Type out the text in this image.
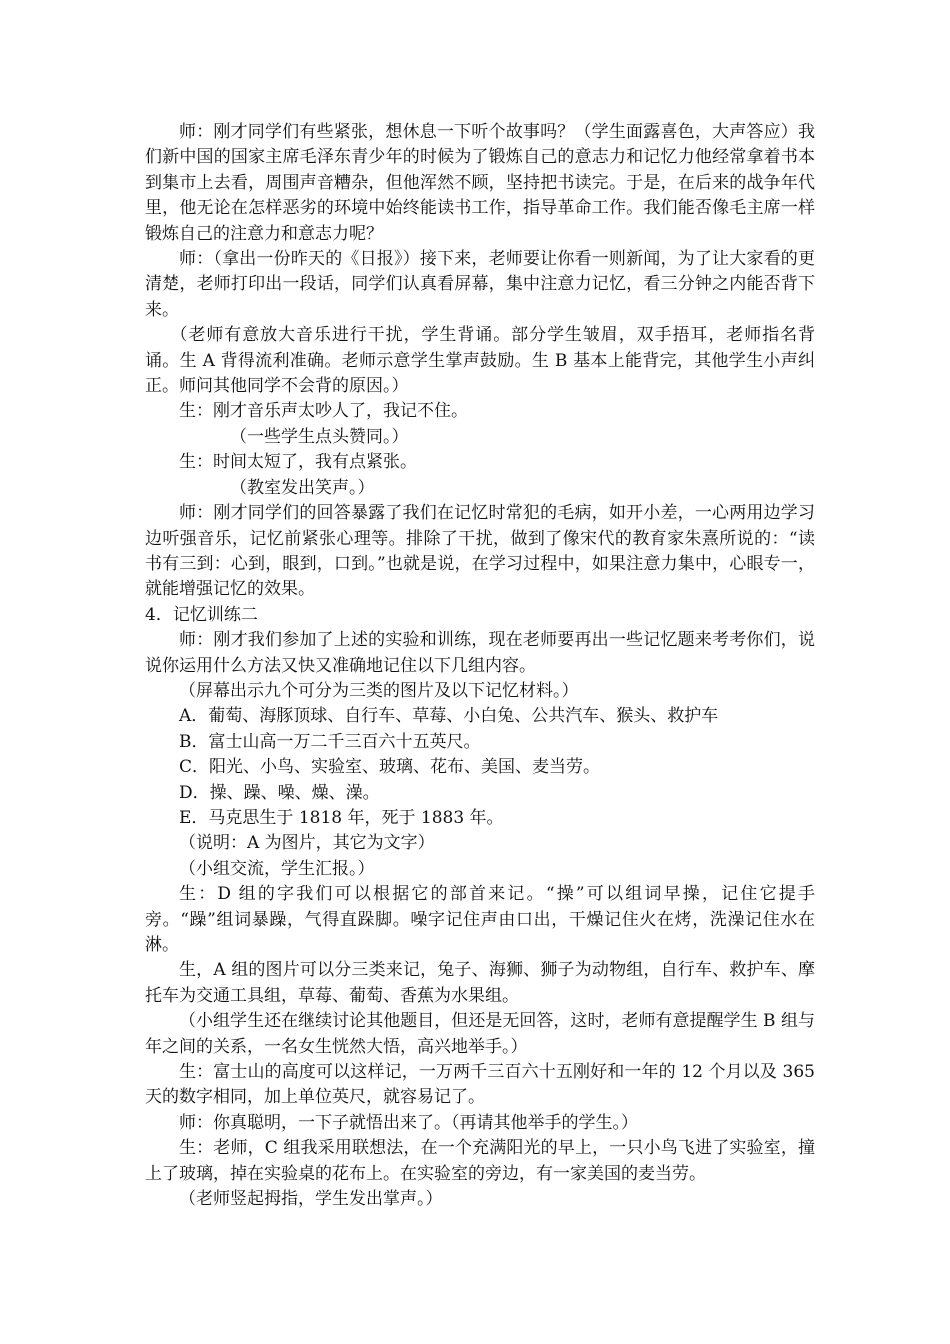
师：刚才同学们有些紧张，想休息一下听个故事吗？（学生面露喜色，大声答应）我们新中国的国家主席毛泽东青少年的时候为了锻炼自己的意志力和记忆力他经常拿着书本到集市上去看，周围声音糟杂，但他浑然不顾，坚持把书读完。于是，在后来的战争年代里，他无论在怎样恶劣的环境中始终能读书工作，指导革命工作。我们能否像毛主席一样锻炼自己的注意力和意志力呢？

师：（拿出一份昨天的《日报》）接下来，老师要让你看一则新闻，为了让大家看的更清楚，老师打印出一段话，同学们认真看屏幕，集中注意力记忆，看三分钟之内能否背下来。

（老师有意放大音乐进行干扰，学生背诵。部分学生皱眉，双手捂耳，老师指名背诵。生 A 背得流利准确。老师示意学生掌声鼓励。生 B 基本上能背完，其他学生小声纠正。师问其他同学不会背的原因。）

生：刚才音乐声太吵人了，我记不住。

（一些学生点头赞同。）

生：时间太短了，我有点紧张。

（教室发出笑声。）

师：刚才同学们的回答暴露了我们在记忆时常犯的毛病，如开小差，一心两用边学习边听强音乐，记忆前紧张心理等。排除了干扰，做到了像宋代的教育家朱熹所说的：“读书有三到：心到，眼到，口到。”也就是说，在学习过程中，如果注意力集中，心眼专一，就能增强记忆的效果。

4．记忆训练二

师：刚才我们参加了上述的实验和训练，现在老师要再出一些记忆题来考考你们，说说你运用什么方法又快又准确地记住以下几组内容。

（屏幕出示九个可分为三类的图片及以下记忆材料。）

A．葡萄、海豚顶球、自行车、草莓、小白兔、公共汽车、猴头、救护车

B．富士山高一万二千三百六十五英尺。

C．阳光、小鸟、实验室、玻璃、花布、美国、麦当劳。

D．操、躁、噪、燥、澡。

E．马克思生于 1818 年，死于 1883 年。

（说明：A 为图片，其它为文字）

（小组交流，学生汇报。）

生：D 组的字我们可以根据它的部首来记。“操”可以组词早操，记住它提手旁。“躁”组词暴躁，气得直跺脚。噪字记住声由口出，干燥记住火在烤，洗澡记住水在淋。

生，A 组的图片可以分三类来记，兔子、海狮、狮子为动物组，自行车、救护车、摩托车为交通工具组，草莓、葡萄、香蕉为水果组。

（小组学生还在继续讨论其他题目，但还是无回答，这时，老师有意提醒学生 B 组与年之间的关系，一名女生恍然大悟，高兴地举手。）

生：富士山的高度可以这样记，一万两千三百六十五刚好和一年的 12 个月以及 365 天的数字相同，加上单位英尺，就容易记了。

师：你真聪明，一下子就悟出来了。（再请其他举手的学生。）

生：老师，C 组我采用联想法，在一个充满阳光的早上，一只小鸟飞进了实验室，撞上了玻璃，掉在实验桌的花布上。在实验室的旁边，有一家美国的麦当劳。

（老师竖起拇指，学生发出掌声。）
